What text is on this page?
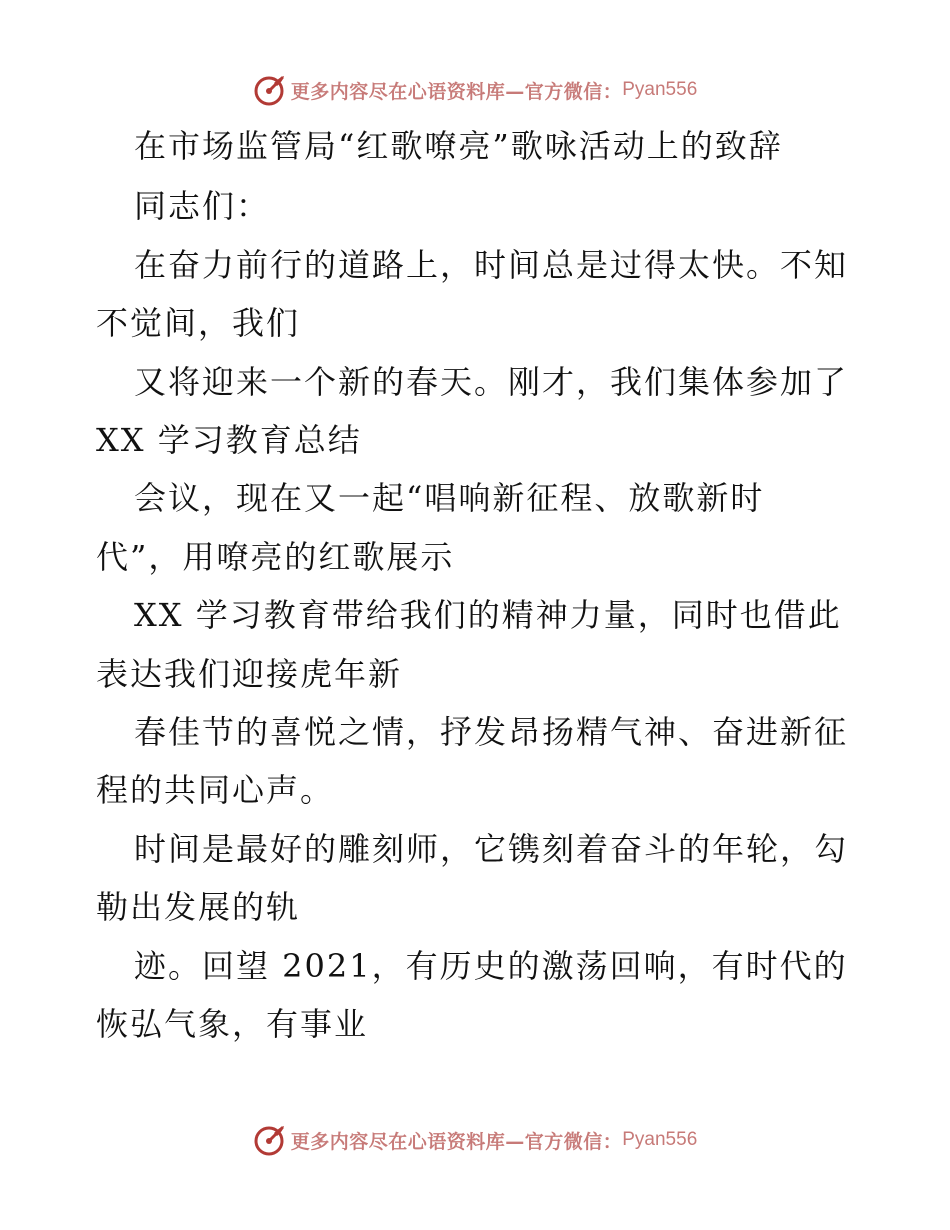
更多内容尽在心语资料库—官方微信： Pyan556
在市场监管局“红歌嘹亮”歌咏活动上的致辞
同志们：
在奋力前行的道路上，时间总是过得太快。不知
不觉间，我们
又将迎来一个新的春天。刚才，我们集体参加了
XX 学习教育总结
会议，现在又一起“唱响新征程、放歌新时
代”，用嘹亮的红歌展示
XX 学习教育带给我们的精神力量，同时也借此
表达我们迎接虎年新
春佳节的喜悦之情，抒发昂扬精气神、奋进新征
程的共同心声。
时间是最好的雕刻师，它镌刻着奋斗的年轮，勾
勒出发展的轨
迹。回望 2021，有历史的激荡回响，有时代的
恢弘气象，有事业
更多内容尽在心语资料库—官方微信： Pyan556
